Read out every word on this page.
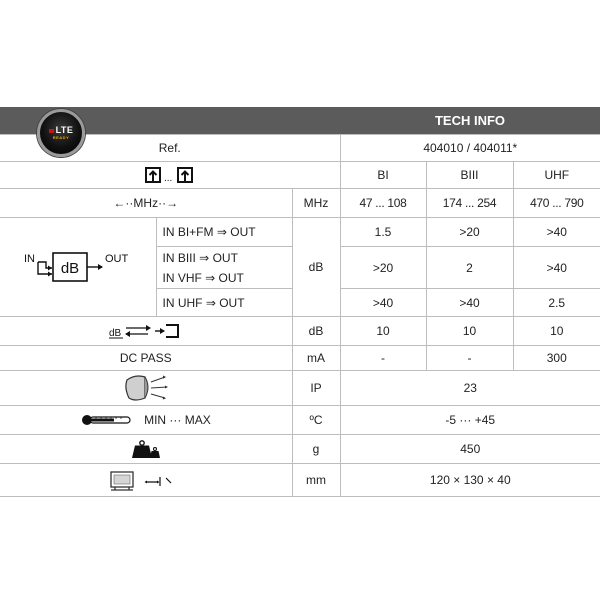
LTE
READY
TECH INFO
Ref.			404010 / 404011*		

...			BI	BIII	UHF
←··MHz··→		MHz	47 ... 108	174 ... 254	470 ... 790

IN
dB
OUT	IN BI+FM ⇒ OUT	dB	1.5	>20	>40

	IN BIII ⇒ OUT
IN VHF ⇒ OUT		>20	2	>40
	IN UHF ⇒ OUT		>40	>40	2.5

dB		dB	10	10	10
DC PASS		mA	-	-	300
	IP	23		
MIN ··· MAX		ºC	-5 ··· +45		
	g	450		
	mm	120 × 130 × 40		
